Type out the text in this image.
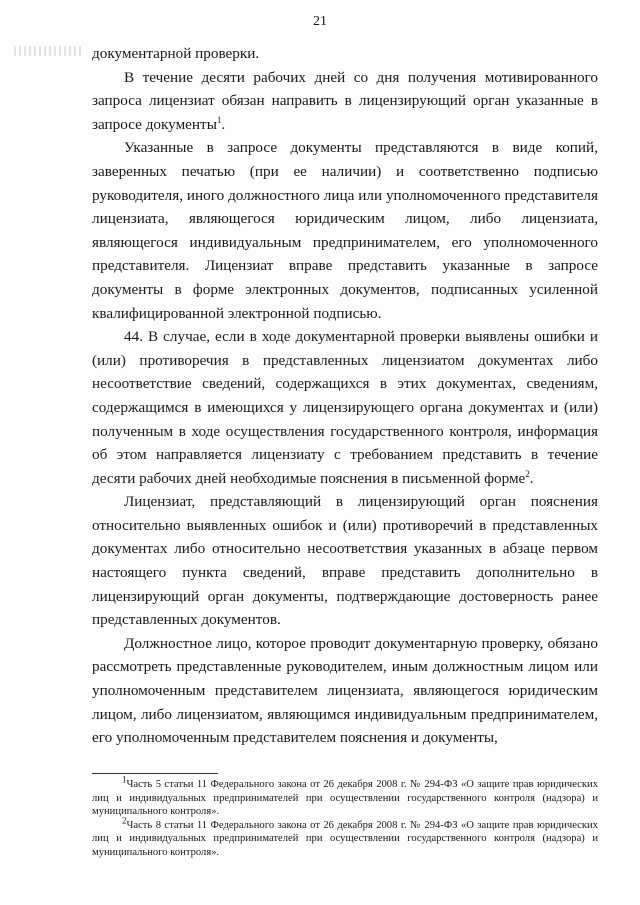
21

документарной проверки.

В течение десяти рабочих дней со дня получения мотивированного запроса лицензиат обязан направить в лицензирующий орган указанные в запросе документы$^1$.

Указанные в запросе документы представляются в виде копий, заверенных печатью (при ее наличии) и соответственно подписью руководителя, иного должностного лица или уполномоченного представителя лицензиата, являющегося юридическим лицом, либо лицензиата, являющегося индивидуальным предпринимателем, его уполномоченного представителя. Лицензиат вправе представить указанные в запросе документы в форме электронных документов, подписанных усиленной квалифицированной электронной подписью.

44. В случае, если в ходе документарной проверки выявлены ошибки и (или) противоречия в представленных лицензиатом документах либо несоответствие сведений, содержащихся в этих документах, сведениям, содержащимся в имеющихся у лицензирующего органа документах и (или) полученным в ходе осуществления государственного контроля, информация об этом направляется лицензиату с требованием представить в течение десяти рабочих дней необходимые пояснения в письменной форме$^2$.

Лицензиат, представляющий в лицензирующий орган пояснения относительно выявленных ошибок и (или) противоречий в представленных документах либо относительно несоответствия указанных в абзаце первом настоящего пункта сведений, вправе представить дополнительно в лицензирующий орган документы, подтверждающие достоверность ранее представленных документов.

Должностное лицо, которое проводит документарную проверку, обязано рассмотреть представленные руководителем, иным должностным лицом или уполномоченным представителем лицензиата, являющегося юридическим лицом, либо лицензиатом, являющимся индивидуальным предпринимателем, его уполномоченным представителем пояснения и документы,

$^1$Часть 5 статьи 11 Федерального закона от 26 декабря 2008 г. № 294-ФЗ «О защите прав юридических лиц и индивидуальных предпринимателей при осуществлении государственного контроля (надзора) и муниципального контроля».

$^2$Часть 8 статьи 11 Федерального закона от 26 декабря 2008 г. № 294-ФЗ «О защите прав юридических лиц и индивидуальных предпринимателей при осуществлении государственного контроля (надзора) и муниципального контроля».
